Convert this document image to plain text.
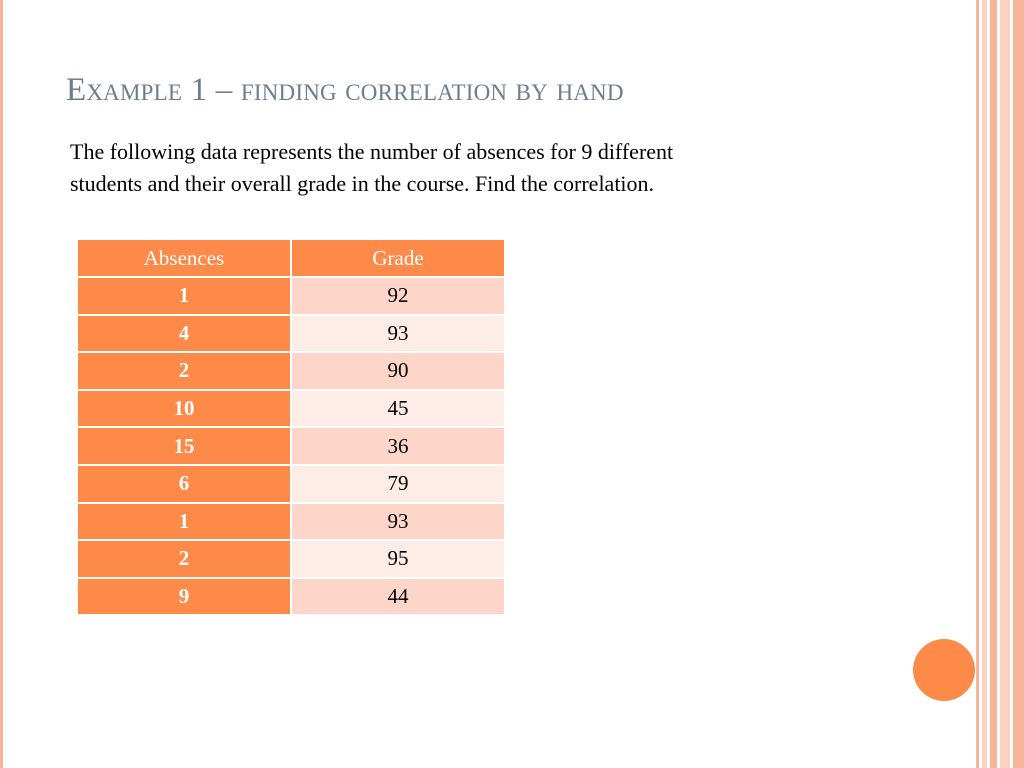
Example 1 – finding correlation by hand

The following data represents the number of absences for 9 different
students and their overall grade in the course. Find the correlation.

Absences	Grade
1	92
4	93
2	90
10	45
15	36
6	79
1	93
2	95
9	44
